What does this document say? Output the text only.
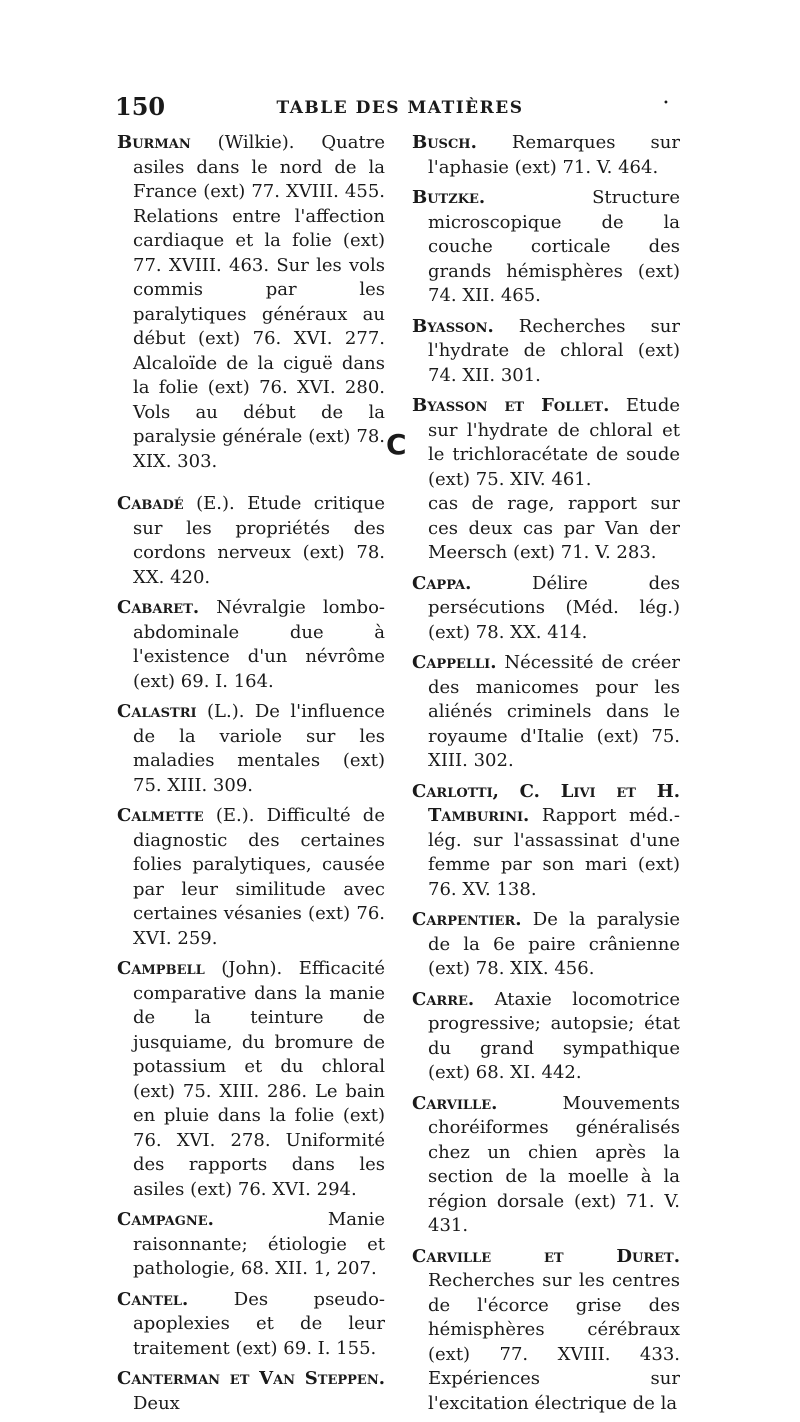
150	TABLE DES MATIÈRES	•

Burman (Wilkie). Quatre asiles dans le nord de la France (ext) 77. XVIII. 455. Relations entre l'affection cardiaque et la folie (ext) 77. XVIII. 463. Sur les vols commis par les paralytiques généraux au début (ext) 76. XVI. 277. Alcaloïde de la ciguë dans la folie (ext) 76. XVI. 280. Vols au début de la paralysie générale (ext) 78. XIX. 303.

Busch. Remarques sur l'aphasie (ext) 71. V. 464.

Butzke. Structure microscopique de la couche corticale des grands hémisphères (ext) 74. XII. 465.

Byasson. Recherches sur l'hydrate de chloral (ext) 74. XII. 301.

Byasson et Follet. Etude sur l'hydrate de chloral et le trichloracétate de soude (ext) 75. XIV. 461.

C

Cabadé (E.). Etude critique sur les propriétés des cordons nerveux (ext) 78. XX. 420.

Cabaret. Névralgie lombo-abdominale due à l'existence d'un névrôme (ext) 69. I. 164.

Calastri (L.). De l'influence de la variole sur les maladies mentales (ext) 75. XIII. 309.

Calmette (E.). Difficulté de diagnostic des certaines folies paralytiques, causée par leur similitude avec certaines vésanies (ext) 76. XVI. 259.

Campbell (John). Efficacité comparative dans la manie de la teinture de jusquiame, du bromure de potassium et du chloral (ext) 75. XIII. 286. Le bain en pluie dans la folie (ext) 76. XVI. 278. Uniformité des rapports dans les asiles (ext) 76. XVI. 294.

Campagne. Manie raisonnante; étiologie et pathologie, 68. XII. 1, 207.

Cantel. Des pseudo-apoplexies et de leur traitement (ext) 69. I. 155.

Canterman et Van Steppen. Deux

cas de rage, rapport sur ces deux cas par Van der Meersch (ext) 71. V. 283.

Cappa. Délire des persécutions (Méd. lég.) (ext) 78. XX. 414.

Cappelli. Nécessité de créer des manicomes pour les aliénés criminels dans le royaume d'Italie (ext) 75. XIII. 302.

Carlotti, C. Livi et H. Tamburini. Rapport méd.-lég. sur l'assassinat d'une femme par son mari (ext) 76. XV. 138.

Carpentier. De la paralysie de la 6e paire crânienne (ext) 78. XIX. 456.

Carre. Ataxie locomotrice progressive; autopsie; état du grand sympathique (ext) 68. XI. 442.

Carville. Mouvements choréiformes généralisés chez un chien après la section de la moelle à la région dorsale (ext) 71. V. 431.

Carville et Duret. Recherches sur les centres de l'écorce grise des hémisphères cérébraux (ext) 77. XVIII. 433. Expériences sur l'excitation électrique de la
